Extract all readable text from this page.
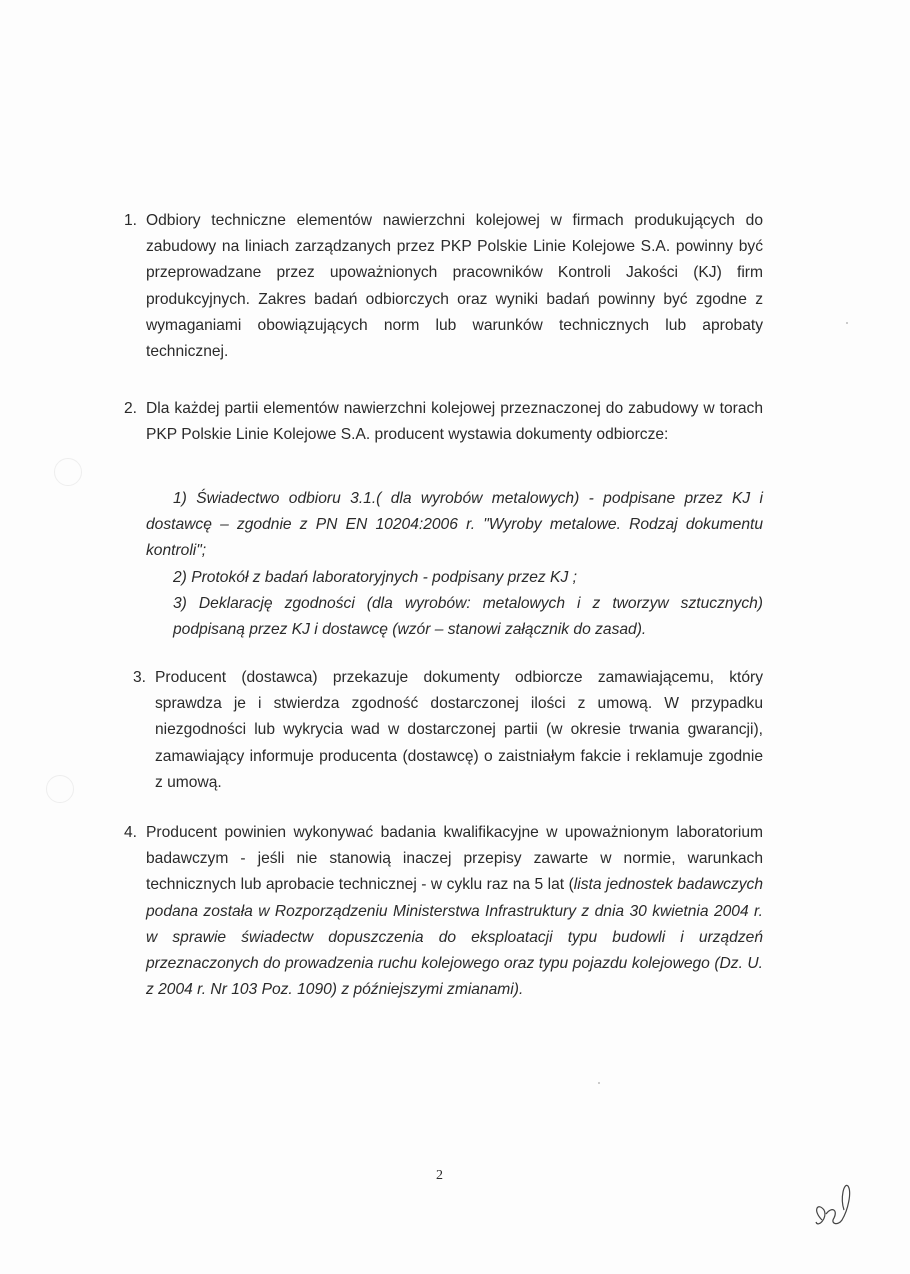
1. Odbiory techniczne elementów nawierzchni kolejowej w firmach produkujących do zabudowy na liniach zarządzanych przez PKP Polskie Linie Kolejowe S.A. powinny być przeprowadzane przez upoważnionych pracowników Kontroli Jakości (KJ) firm produkcyjnych. Zakres badań odbiorczych oraz wyniki badań powinny być zgodne z wymaganiami obowiązujących norm lub warunków technicznych lub aprobaty technicznej.
2. Dla każdej partii elementów nawierzchni kolejowej przeznaczonej do zabudowy w torach PKP Polskie Linie Kolejowe S.A. producent wystawia dokumenty odbiorcze:
1) Świadectwo odbioru 3.1.( dla wyrobów metalowych) - podpisane przez KJ i dostawcę – zgodnie z PN EN 10204:2006 r. "Wyroby metalowe. Rodzaj dokumentu kontroli";
2) Protokół z badań laboratoryjnych - podpisany przez KJ ;
3) Deklarację zgodności (dla wyrobów: metalowych i z tworzyw sztucznych) podpisaną przez KJ i dostawcę (wzór – stanowi załącznik do zasad).
3. Producent (dostawca) przekazuje dokumenty odbiorcze zamawiającemu, który sprawdza je i stwierdza zgodność dostarczonej ilości z umową. W przypadku niezgodności lub wykrycia wad w dostarczonej partii (w okresie trwania gwarancji), zamawiający informuje producenta (dostawcę) o zaistniałym fakcie i reklamuje zgodnie z umową.
4. Producent powinien wykonywać badania kwalifikacyjne w upoważnionym laboratorium badawczym - jeśli nie stanowią inaczej przepisy zawarte w normie, warunkach technicznych lub aprobacie technicznej - w cyklu raz na 5 lat (lista jednostek badawczych podana została w Rozporządzeniu Ministerstwa Infrastruktury z dnia 30 kwietnia 2004 r. w sprawie świadectw dopuszczenia do eksploatacji typu budowli i urządzeń przeznaczonych do prowadzenia ruchu kolejowego oraz typu pojazdu kolejowego (Dz. U. z 2004 r. Nr 103 Poz. 1090) z późniejszymi zmianami).
2
